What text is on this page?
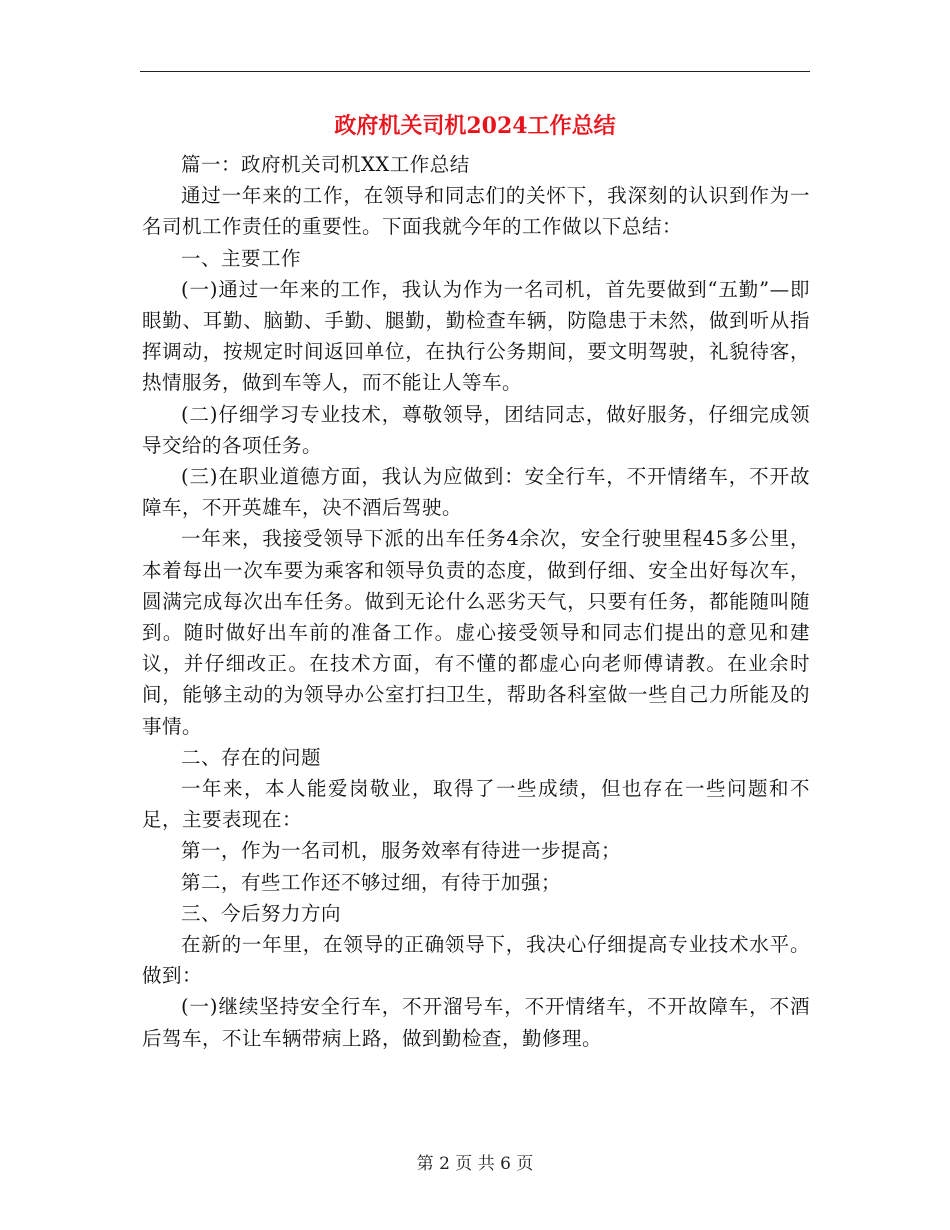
政府机关司机2024工作总结

篇一：政府机关司机XX工作总结

通过一年来的工作，在领导和同志们的关怀下，我深刻的认识到作为一名司机工作责任的重要性。下面我就今年的工作做以下总结：

一、主要工作

(一)通过一年来的工作，我认为作为一名司机，首先要做到“五勤”—即眼勤、耳勤、脑勤、手勤、腿勤，勤检查车辆，防隐患于未然，做到听从指挥调动，按规定时间返回单位，在执行公务期间，要文明驾驶，礼貌待客，热情服务，做到车等人，而不能让人等车。

(二)仔细学习专业技术，尊敬领导，团结同志，做好服务，仔细完成领导交给的各项任务。

(三)在职业道德方面，我认为应做到：安全行车，不开情绪车，不开故障车，不开英雄车，决不酒后驾驶。

一年来，我接受领导下派的出车任务4余次，安全行驶里程45多公里，本着每出一次车要为乘客和领导负责的态度，做到仔细、安全出好每次车，圆满完成每次出车任务。做到无论什么恶劣天气，只要有任务，都能随叫随到。随时做好出车前的准备工作。虚心接受领导和同志们提出的意见和建议，并仔细改正。在技术方面，有不懂的都虚心向老师傅请教。在业余时间，能够主动的为领导办公室打扫卫生，帮助各科室做一些自己力所能及的事情。

二、存在的问题

一年来，本人能爱岗敬业，取得了一些成绩，但也存在一些问题和不足，主要表现在：

第一，作为一名司机，服务效率有待进一步提高；

第二，有些工作还不够过细，有待于加强；

三、今后努力方向

在新的一年里，在领导的正确领导下，我决心仔细提高专业技术水平。做到：

(一)继续坚持安全行车，不开溜号车，不开情绪车，不开故障车，不酒后驾车，不让车辆带病上路，做到勤检查，勤修理。

第 2 页 共 6 页
